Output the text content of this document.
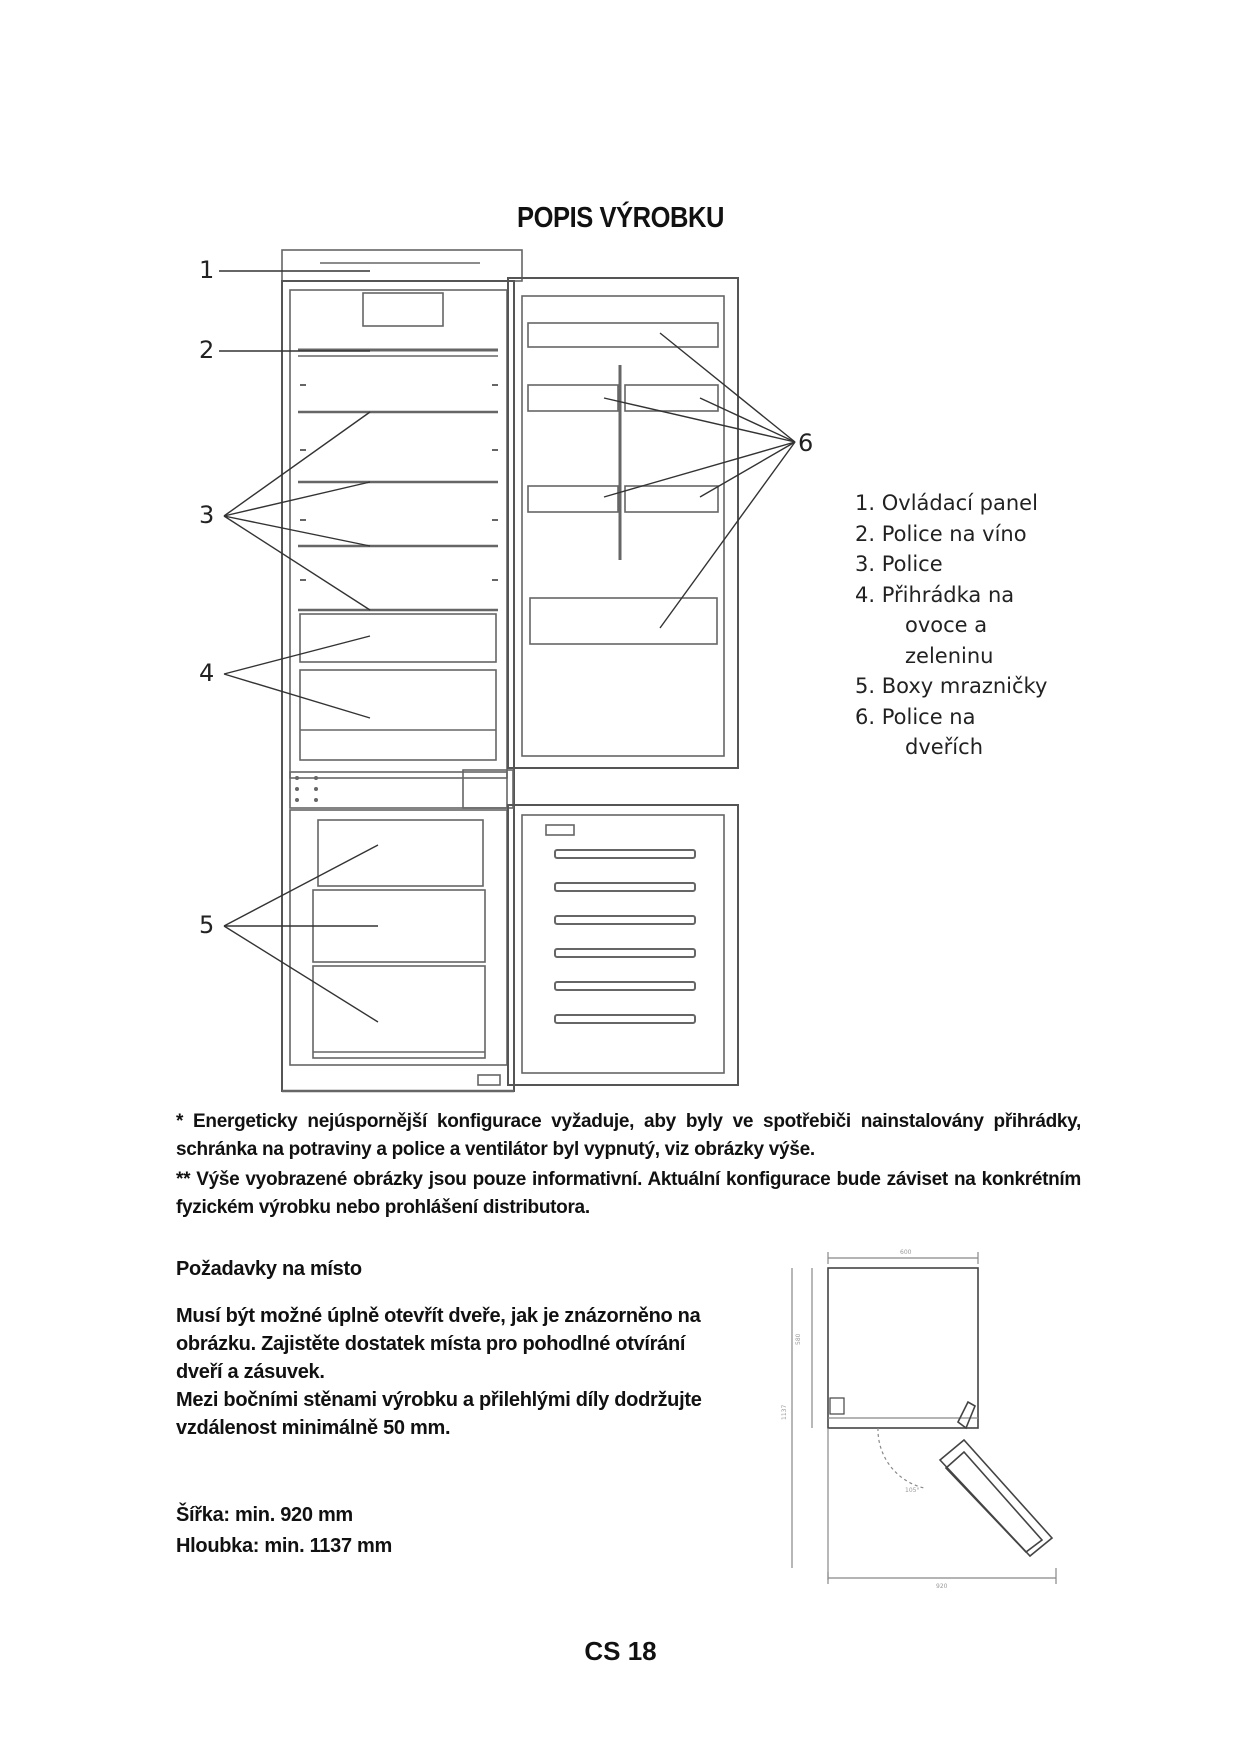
POPIS VÝROBKU
600
580
1137
105°
920
1
2
3
4
5
6
1. Ovládací panel
2. Police na víno
3. Police
4. Přihrádka na
ovoce a
zeleninu
5. Boxy mrazničky
6. Police na
dveřích

* Energeticky nejúspornější konfigurace vyžaduje, aby byly ve spotřebiči nainstalovány přihrádky, schránka na potraviny a police a ventilátor byl vypnutý, viz obrázky výše.

** Výše vyobrazené obrázky jsou pouze informativní. Aktuální konfigurace bude záviset na konkrétním fyzickém výrobku nebo prohlášení distributora.

Požadavky na místo

Musí být možné úplně otevřít dveře, jak je znázorněno na obrázku. Zajistěte dostatek místa pro pohodlné otvírání dveří a zásuvek.

Mezi bočními stěnami výrobku a přilehlými díly dodržujte vzdálenost minimálně 50 mm.

Šířka: min. 920 mm
Hloubka: min. 1137 mm
CS 18
